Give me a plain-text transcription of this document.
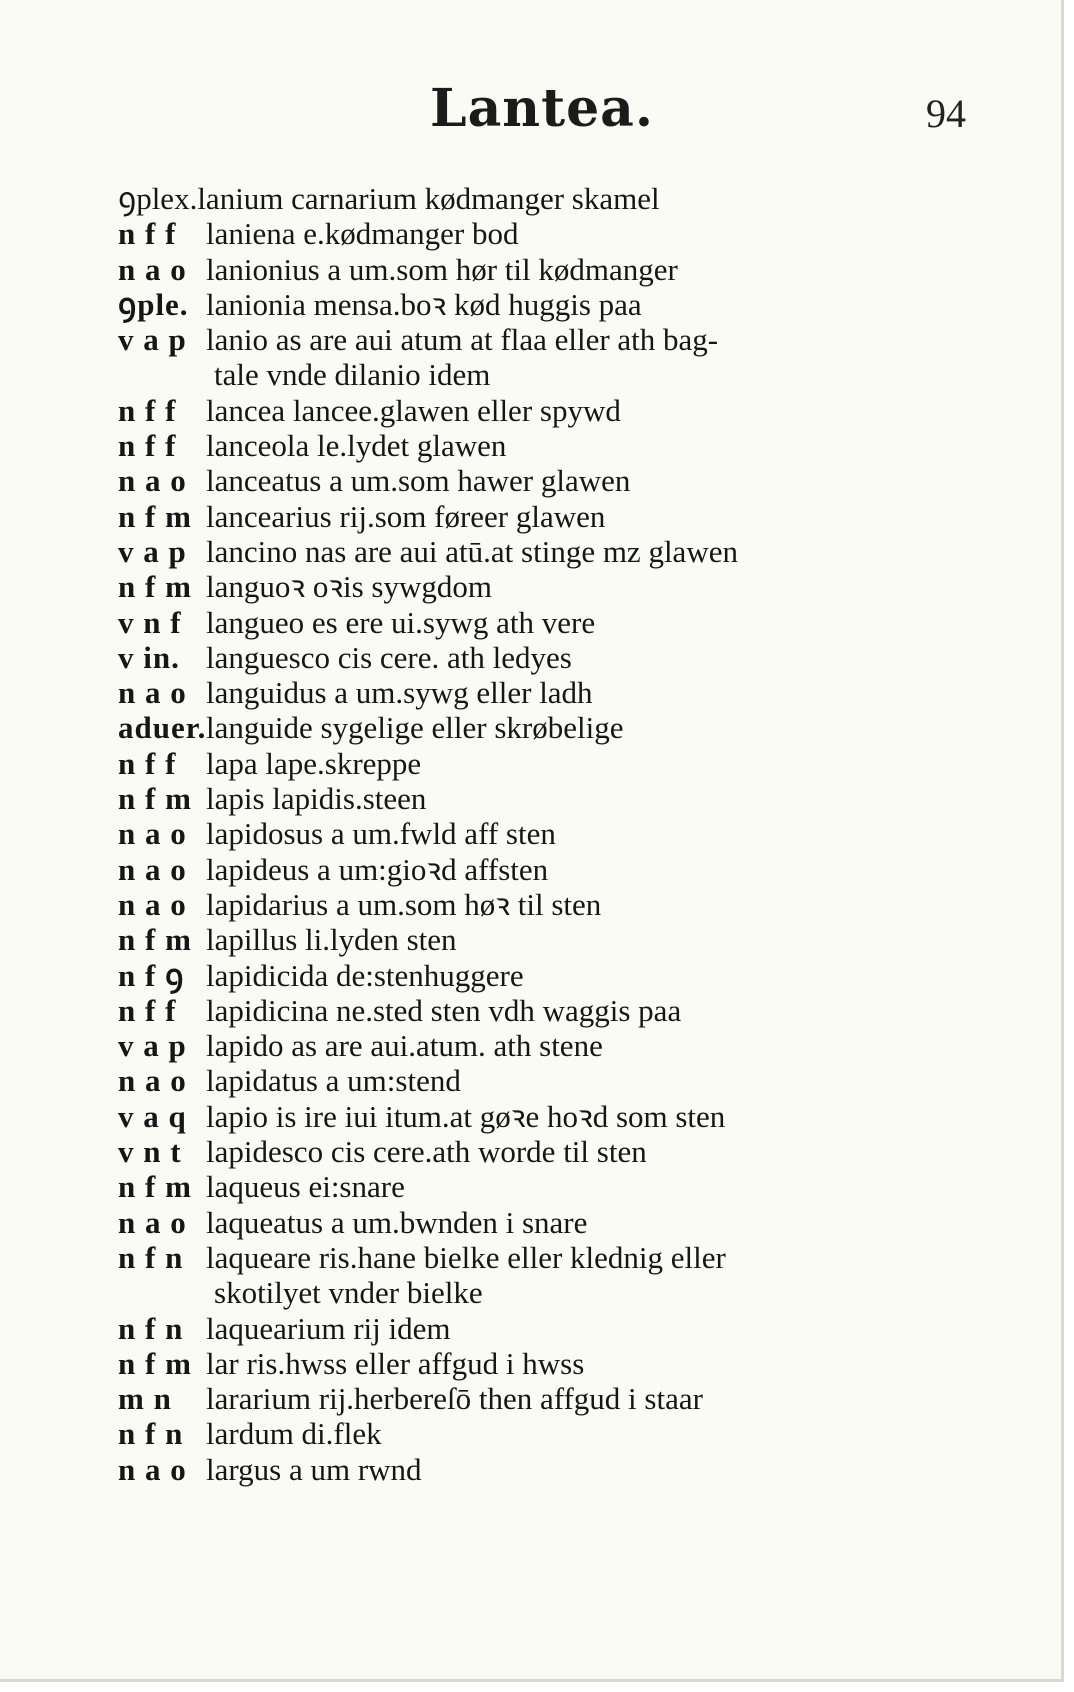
Lantea.	94
ꝯplex.lanium carnarium kødmanger skamel
n f f laniena e.kødmanger bod
n a o lanionius a um.som hør til kødmanger
ꝯple. lanionia mensa.boꝛ kød huggis paa
v a p lanio as are aui atum at flaa eller ath bag-
tale vnde dilanio idem
n f f lancea lancee.glawen eller spywd
n f f lanceola le.lydet glawen
n a o lanceatus a um.som hawer glawen
n f m lancearius rij.som føreer glawen
v a p lancino nas are aui atū.at stinge mz glawen
n f m languoꝛ oꝛis sywgdom
v n f langueo es ere ui.sywg ath vere
v in. languesco cis cere. ath ledyes
n a o languidus a um.sywg eller ladh
aduer. languide sygelige eller skrøbelige
n f f lapa lape.skreppe
n f m lapis lapidis.steen
n a o lapidosus a um.fwld aff sten
n a o lapideus a um:gioꝛd affsten
n a o lapidarius a um.som høꝛ til sten
n f m lapillus li.lyden sten
n f ꝯ lapidicida de:stenhuggere
n f f lapidicina ne.sted sten vdh waggis paa
v a p lapido as are aui.atum. ath stene
n a o lapidatus a um:stend
v a q lapio is ire iui itum.at gøꝛe hoꝛd som sten
v n t lapidesco cis cere.ath worde til sten
n f m laqueus ei:snare
n a o laqueatus a um.bwnden i snare
n f n laqueare ris.hane bielke eller klednig eller
skotilyet vnder bielke
n f n laquearium rij idem
n f m lar ris.hwss eller affgud i hwss
m n	lararium rij.herbereſō then affgud i staar
n f n lardum di.flek
n a o largus a um rwnd
